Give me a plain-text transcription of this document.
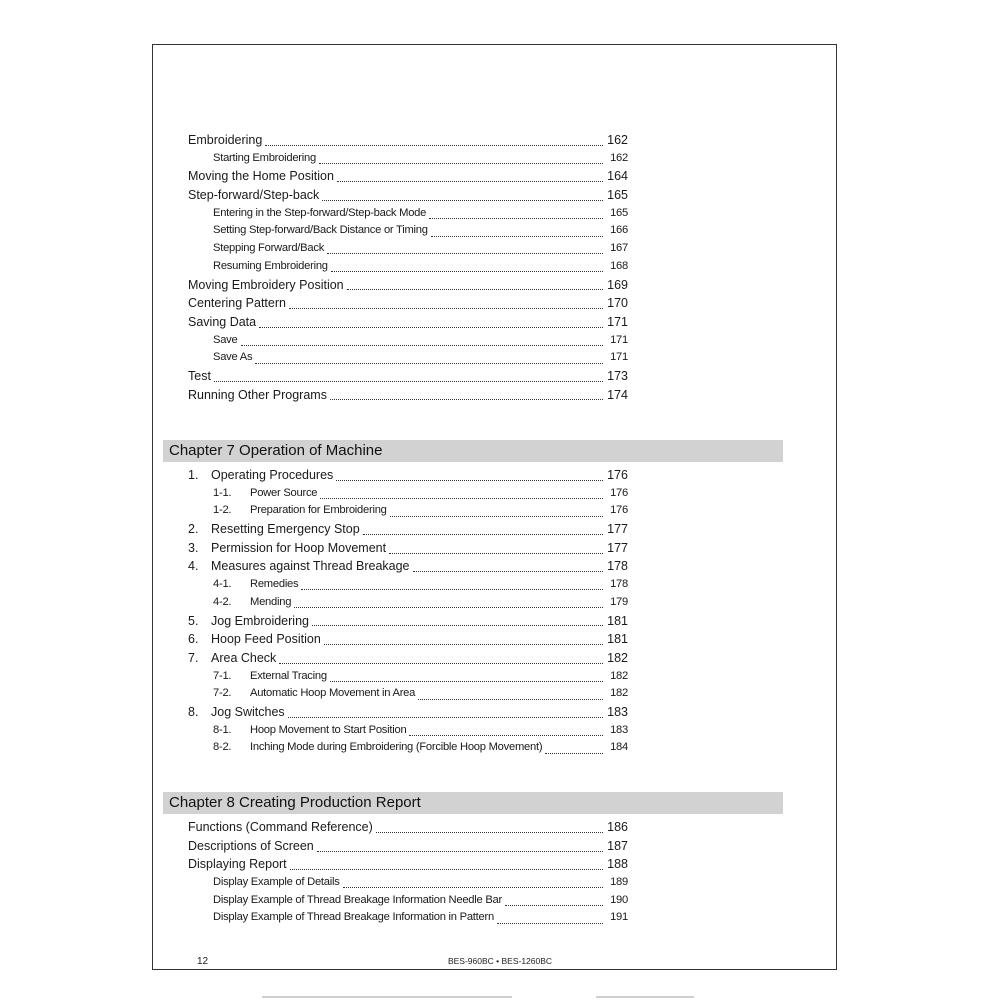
Embroidering	162
Starting Embroidering	162
Moving the Home Position	164
Step-forward/Step-back	165
Entering in the Step-forward/Step-back Mode	165
Setting Step-forward/Back Distance or Timing	166
Stepping Forward/Back	167
Resuming Embroidering	168
Moving Embroidery Position	169
Centering Pattern	170
Saving Data	171
Save	171
Save As	171
Test	173
Running Other Programs	174
Chapter 7 Operation of Machine
1.	Operating Procedures	176
1-1.	Power Source	176
1-2.	Preparation for Embroidering	176
2.	Resetting Emergency Stop	177
3.	Permission for Hoop Movement	177
4.	Measures against Thread Breakage	178
4-1.	Remedies	178
4-2.	Mending	179
5.	Jog Embroidering	181
6.	Hoop Feed Position	181
7.	Area Check	182
7-1.	External Tracing	182
7-2.	Automatic Hoop Movement in Area	182
8.	Jog Switches	183
8-1.	Hoop Movement to Start Position	183
8-2.	Inching Mode during Embroidering (Forcible Hoop Movement)	184
Chapter 8 Creating Production Report
Functions (Command Reference)	186
Descriptions of Screen	187
Displaying Report	188
Display Example of Details	189
Display Example of Thread Breakage Information Needle Bar	190
Display Example of Thread Breakage Information in Pattern	191
12	BES-960BC • BES-1260BC
